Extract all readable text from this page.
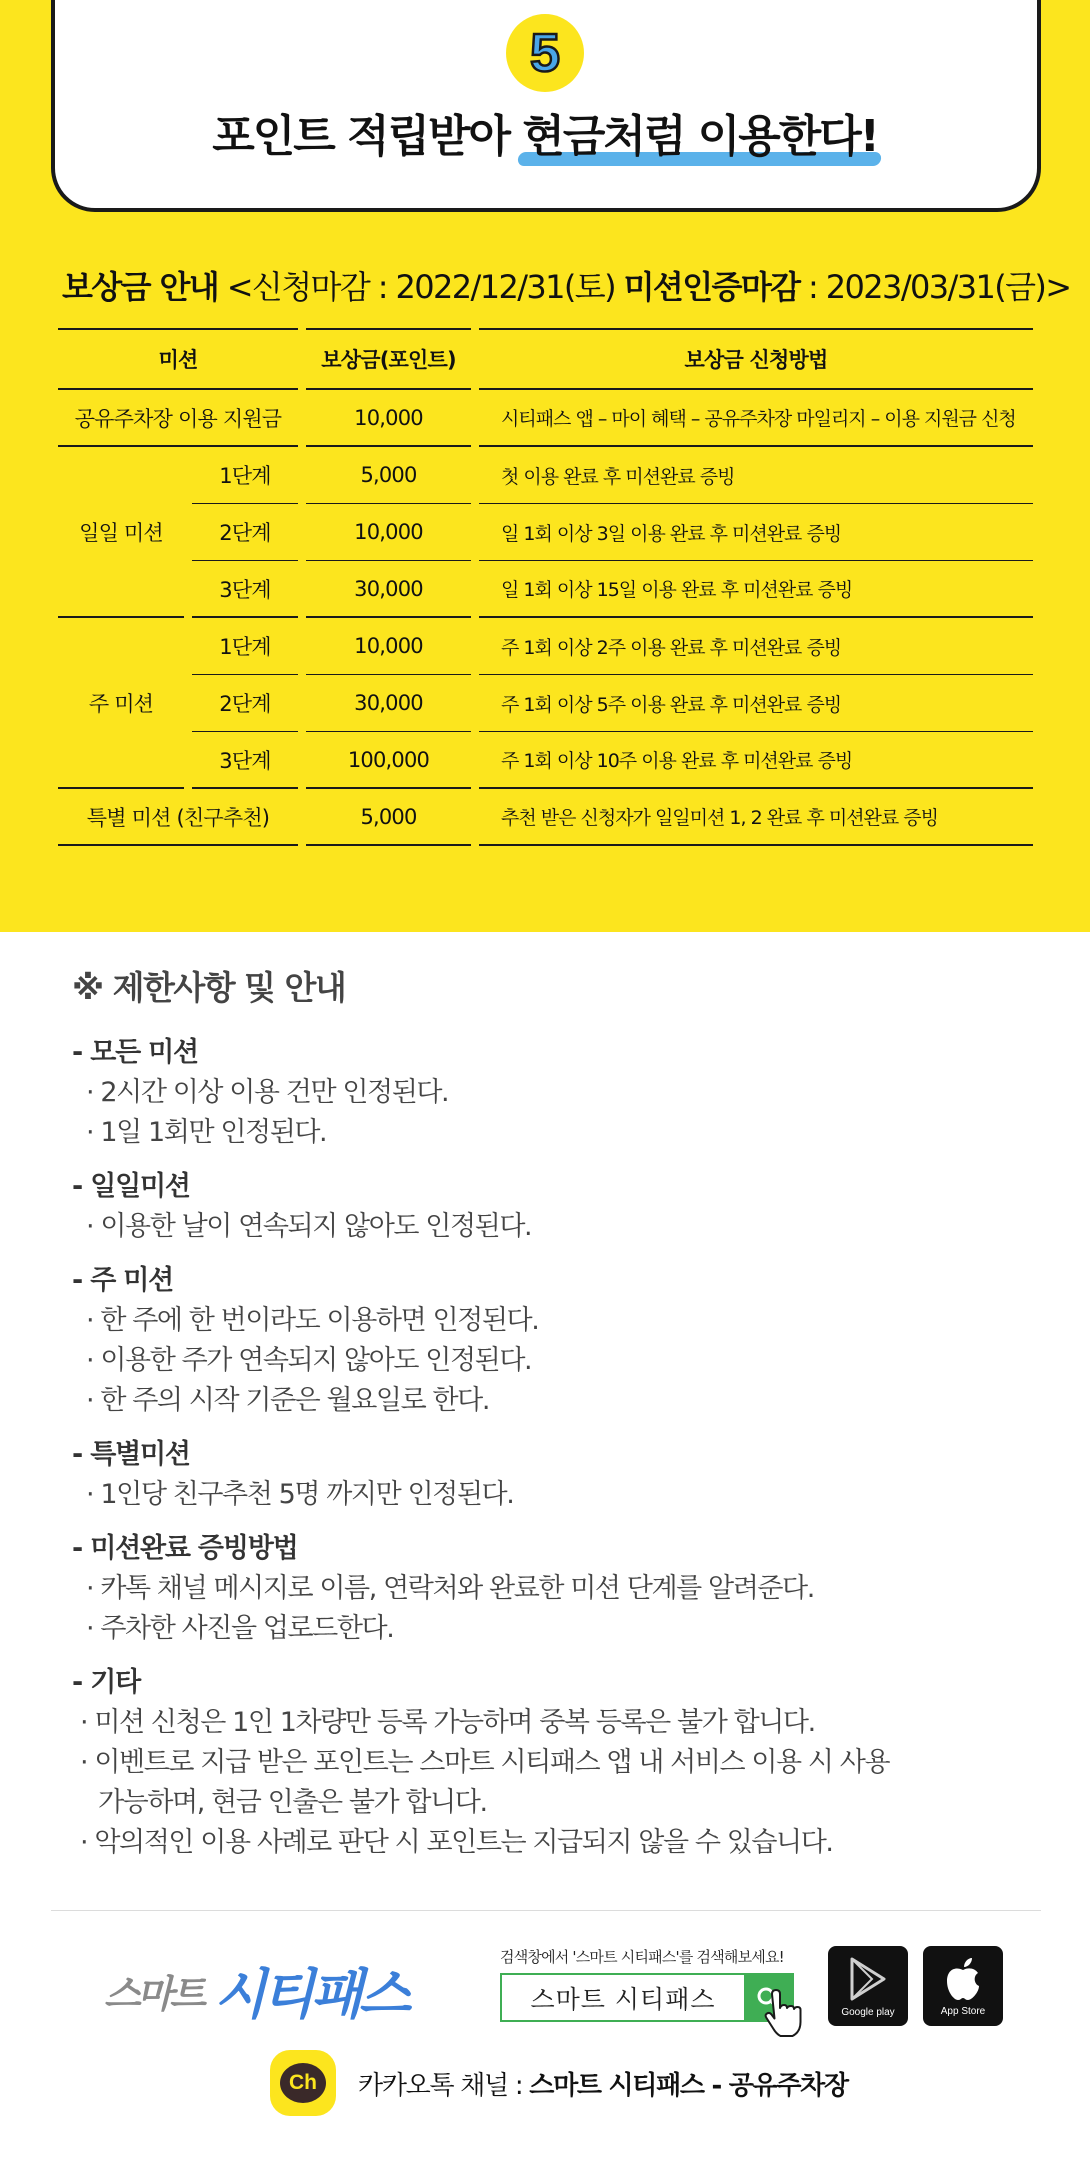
5
포인트 적립받아 현금처럼 이용한다!
보상금 안내 <신청마감 : 2022/12/31(토) 미션인증마감 : 2023/03/31(금)>
미션				보상금(포인트)		보상금 신청방법
공유주차장 이용 지원금				10,000		시티패스 앱 – 마이 혜택 – 공유주차장 마일리지 – 이용 지원금 신청
일일 미션		1단계		5,000		첫 이용 완료 후 미션완료 증빙
		2단계		10,000		일 1회 이상 3일 이용 완료 후 미션완료 증빙
		3단계		30,000		일 1회 이상 15일 이용 완료 후 미션완료 증빙
주 미션		1단계		10,000		주 1회 이상 2주 이용 완료 후 미션완료 증빙
		2단계		30,000		주 1회 이상 5주 이용 완료 후 미션완료 증빙
		3단계		100,000		주 1회 이상 10주 이용 완료 후 미션완료 증빙
특별 미션 (친구추천)				5,000		추천 받은 신청자가 일일미션 1, 2 완료 후 미션완료 증빙
※ 제한사항 및 안내
- 모든 미션
· 2시간 이상 이용 건만 인정된다.
· 1일 1회만 인정된다.
- 일일미션
· 이용한 날이 연속되지 않아도 인정된다.
- 주 미션
· 한 주에 한 번이라도 이용하면 인정된다.
· 이용한 주가 연속되지 않아도 인정된다.
· 한 주의 시작 기준은 월요일로 한다.
- 특별미션
· 1인당 친구추천 5명 까지만 인정된다.
- 미션완료 증빙방법
· 카톡 채널 메시지로 이름, 연락처와 완료한 미션 단계를 알려준다.
· 주차한 사진을 업로드한다.
- 기타
· 미션 신청은 1인 1차량만 등록 가능하며 중복 등록은 불가 합니다.
· 이벤트로 지급 받은 포인트는 스마트 시티패스 앱 내 서비스 이용 시 사용
가능하며, 현금 인출은 불가 합니다.
· 악의적인 이용 사례로 판단 시 포인트는 지급되지 않을 수 있습니다.
스마트 시티패스
검색창에서 '스마트 시티패스'를 검색해보세요!
스마트 시티패스	Google play	App Store
Ch	카카오톡 채널 : 스마트 시티패스 - 공유주차장
